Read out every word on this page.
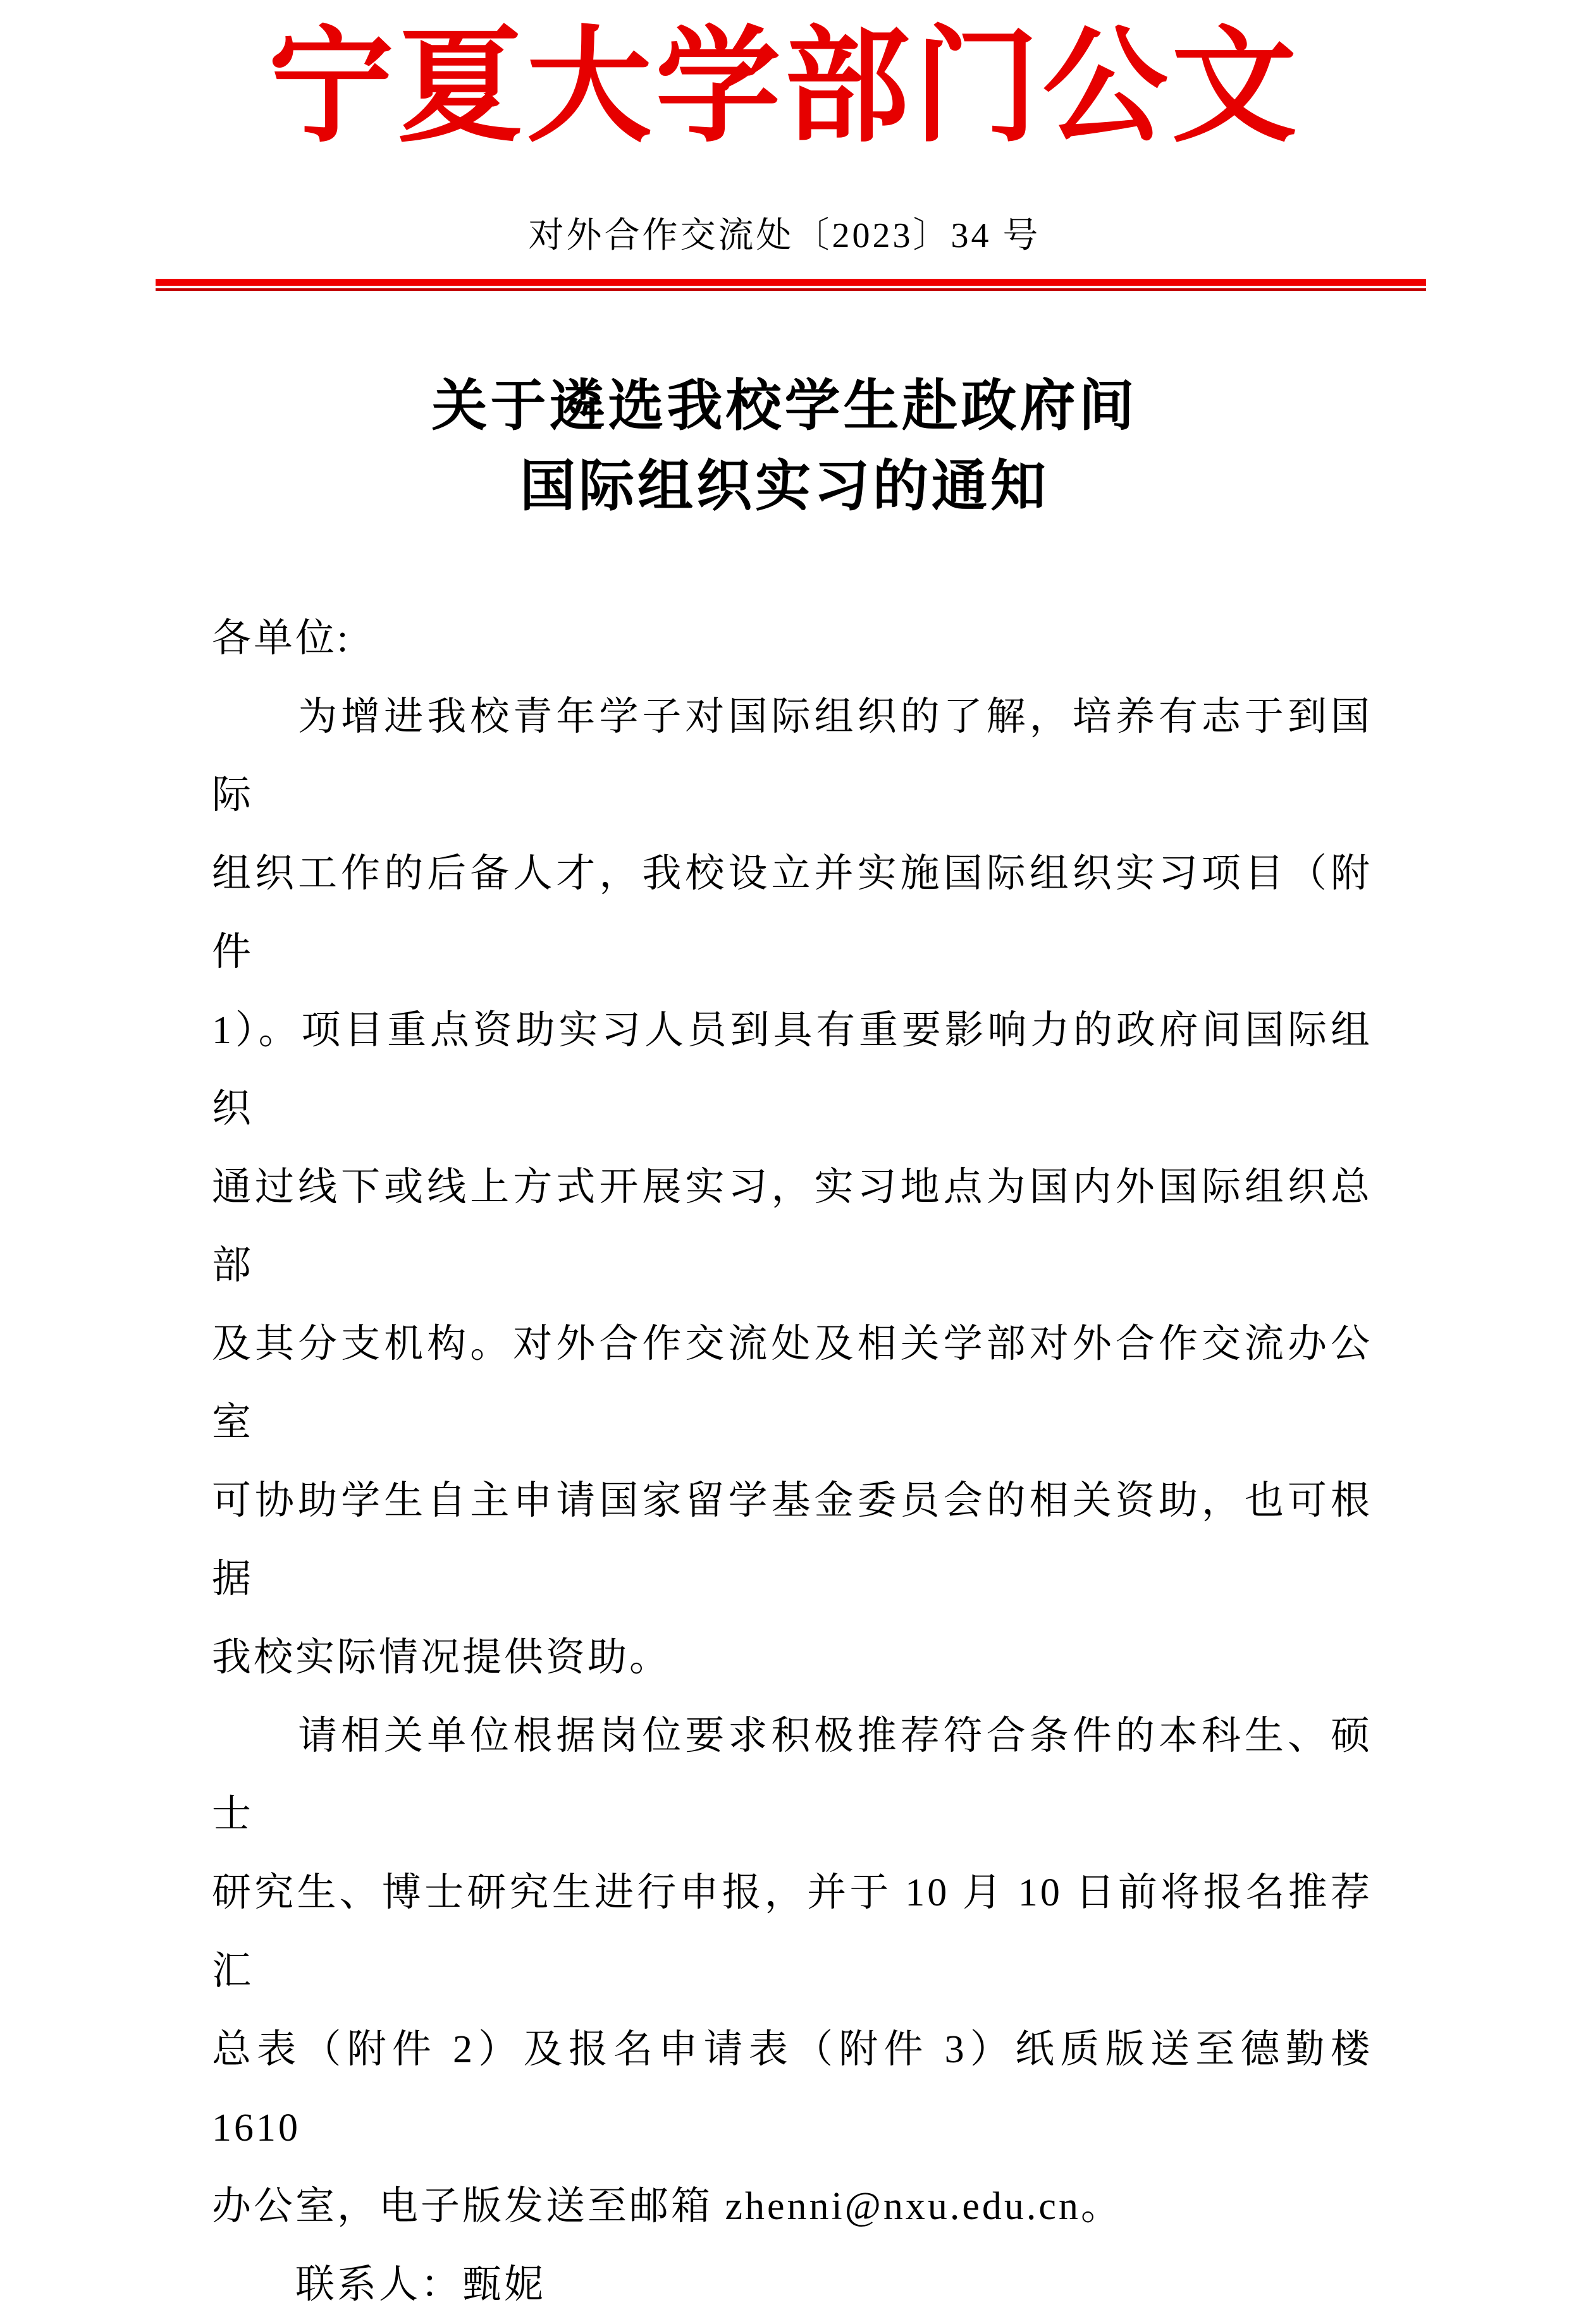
宁夏大学部门公文
对外合作交流处〔2023〕34 号
关于遴选我校学生赴政府间
国际组织实习的通知
各单位:
　　为增进我校青年学子对国际组织的了解，培养有志于到国际
组织工作的后备人才，我校设立并实施国际组织实习项目（附件
1）。项目重点资助实习人员到具有重要影响力的政府间国际组织
通过线下或线上方式开展实习，实习地点为国内外国际组织总部
及其分支机构。对外合作交流处及相关学部对外合作交流办公室
可协助学生自主申请国家留学基金委员会的相关资助，也可根据
我校实际情况提供资助。
　　请相关单位根据岗位要求积极推荐符合条件的本科生、硕士
研究生、博士研究生进行申报，并于 10 月 10 日前将报名推荐汇
总表（附件 2）及报名申请表（附件 3）纸质版送至德勤楼 1610
办公室，电子版发送至邮箱 zhenni@nxu.edu.cn。
　　联系人：甄妮
